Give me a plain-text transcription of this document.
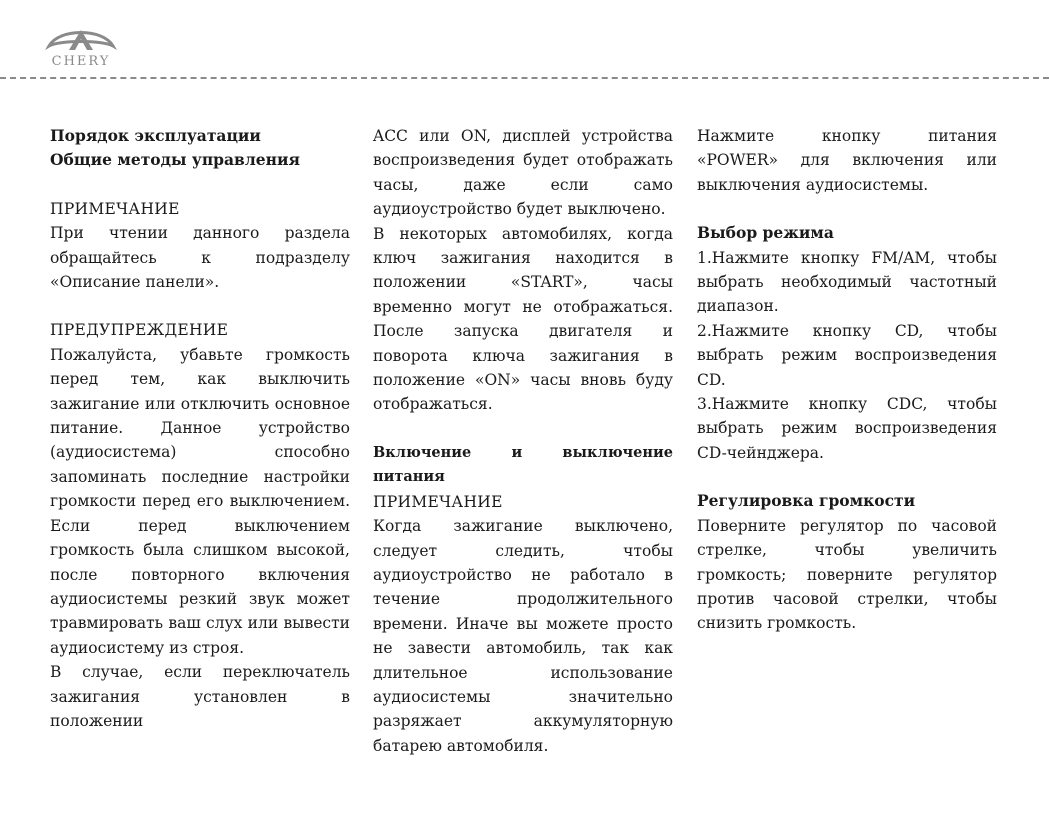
CHERY

Порядок эксплуатации

Общие методы управления

ПРИМЕЧАНИЕ

При чтении данного раздела обращайтесь к подразделу «Описание панели».

ПРЕДУПРЕЖДЕНИЕ

Пожалуйста, убавьте громкость перед тем, как выключить зажигание или отключить основное питание. Данное устройство (аудиосистема) способно запоминать последние настройки громкости перед его выключением. Если перед выключением громкость была слишком высокой, после повторного включения аудиосистемы резкий звук может травмировать ваш слух или вывести аудиосистему из строя.

В случае, если переключатель зажигания установлен в положении

ACC или ON, дисплей устройства воспроизведения будет отображать часы, даже если само аудиоустройство будет выключено.

В некоторых автомобилях, когда ключ зажигания находится в положении «START», часы временно могут не отображаться. После запуска двигателя и поворота ключа зажигания в положение «ON» часы вновь буду отображаться.

Включение и выключение питания

ПРИМЕЧАНИЕ

Когда зажигание выключено, следует следить, чтобы аудиоустройство не работало в течение продолжительного времени. Иначе вы можете просто не завести автомобиль, так как длительное использование аудиосистемы значительно разряжает аккумуляторную батарею автомобиля.

Нажмите кнопку питания «POWER» для включения или выключения аудиосистемы.

Выбор режима

1.Нажмите кнопку FM/AM, чтобы выбрать необходимый частотный диапазон.

2.Нажмите кнопку CD, чтобы выбрать режим воспроизведения CD.

3.Нажмите кнопку CDC, чтобы выбрать режим воспроизведения CD-чейнджера.

Регулировка громкости

Поверните регулятор по часовой стрелке, чтобы увеличить громкость; поверните регулятор против часовой стрелки, чтобы снизить громкость.
